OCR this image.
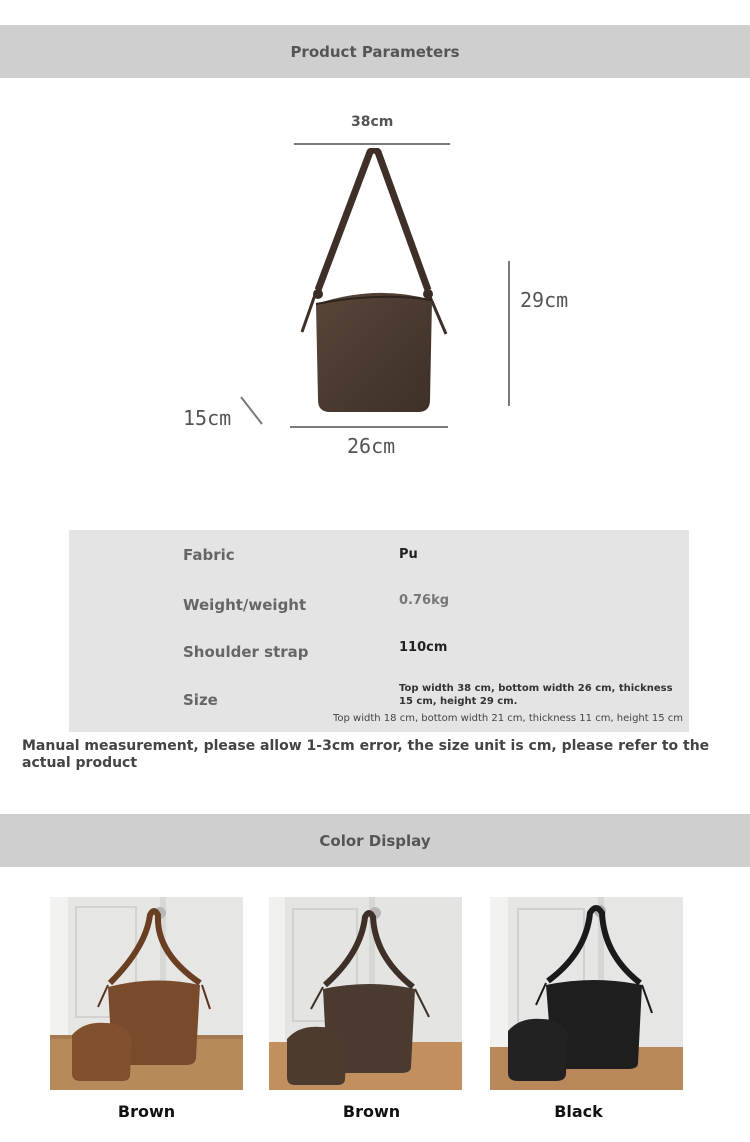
Product Parameters
38cm
29cm
15cm
26cm
Fabric	Pu
Weight/weight	0.76kg
Shoulder strap	110cm
Size
Top width 38 cm, bottom width 26 cm, thickness 15 cm, height 29 cm.
Top width 18 cm, bottom width 21 cm, thickness 11 cm, height 15 cm
Manual measurement, please allow 1-3cm error, the size unit is cm, please refer to the actual product
Color Display
Brown	Brown	Black
